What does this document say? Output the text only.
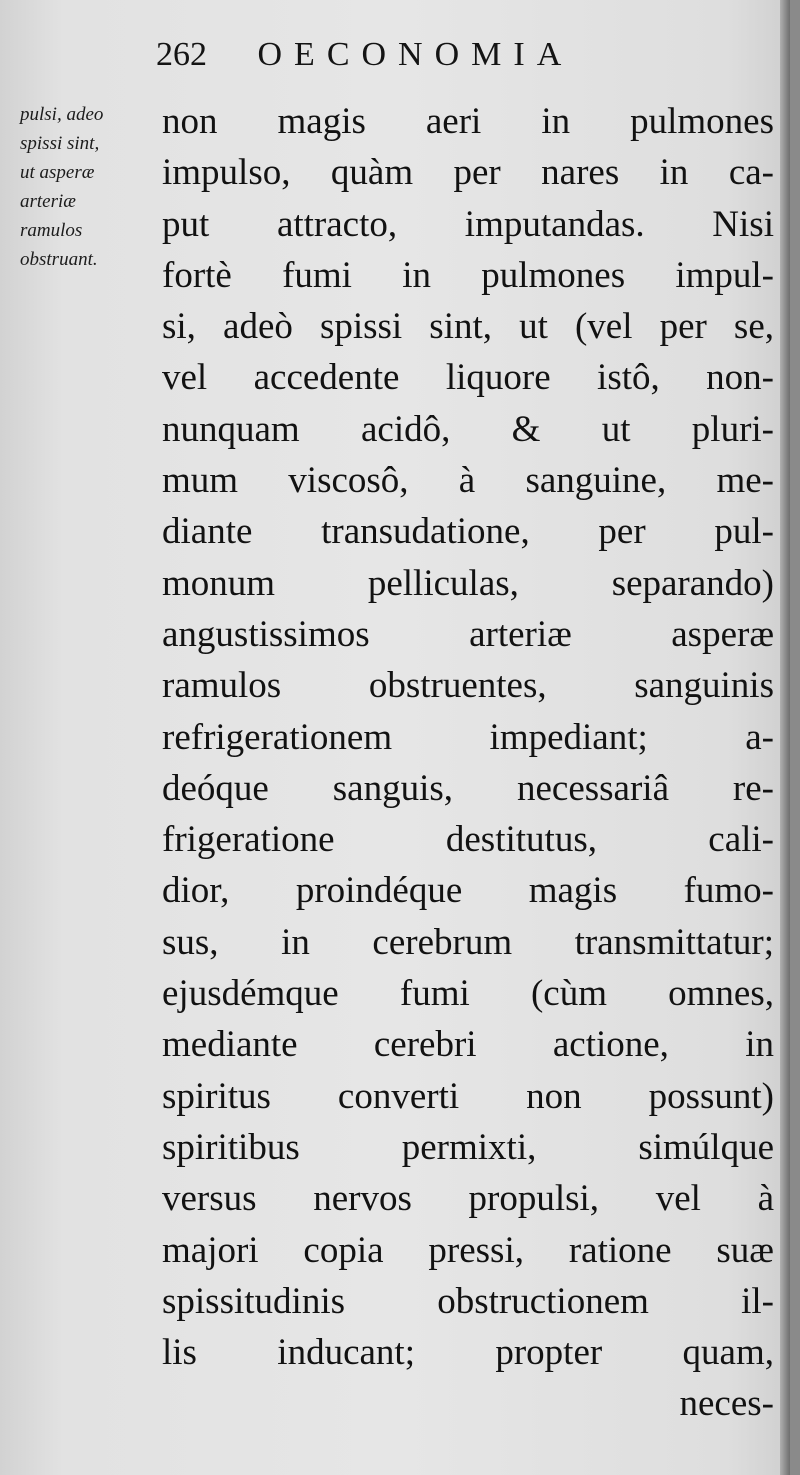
262 OECONOMIA
pulsi, adeo
spissi sint,
ut asperæ
arteriæ
ramulos
obstruant.
non magis aeri in pulmones
impulso, quàm per nares in ca-
put attracto, imputandas. Nisi
fortè fumi in pulmones impul-
si, adeò spissi sint, ut (vel per se,
vel accedente liquore istô, non-
nunquam acidô, & ut pluri-
mum viscosô, à sanguine, me-
diante transudatione, per pul-
monum pelliculas, separando)
angustissimos arteriæ asperæ
ramulos obstruentes, sanguinis
refrigerationem impediant; a-
deóque sanguis, necessariâ re-
frigeratione destitutus, cali-
dior, proindéque magis fumo-
sus, in cerebrum transmittatur;
ejusdémque fumi (cùm omnes,
mediante cerebri actione, in
spiritus converti non possunt)
spiritibus permixti, simúlque
versus nervos propulsi, vel à
majori copia pressi, ratione suæ
spissitudinis obstructionem il-
lis inducant; propter quam,
neces-
